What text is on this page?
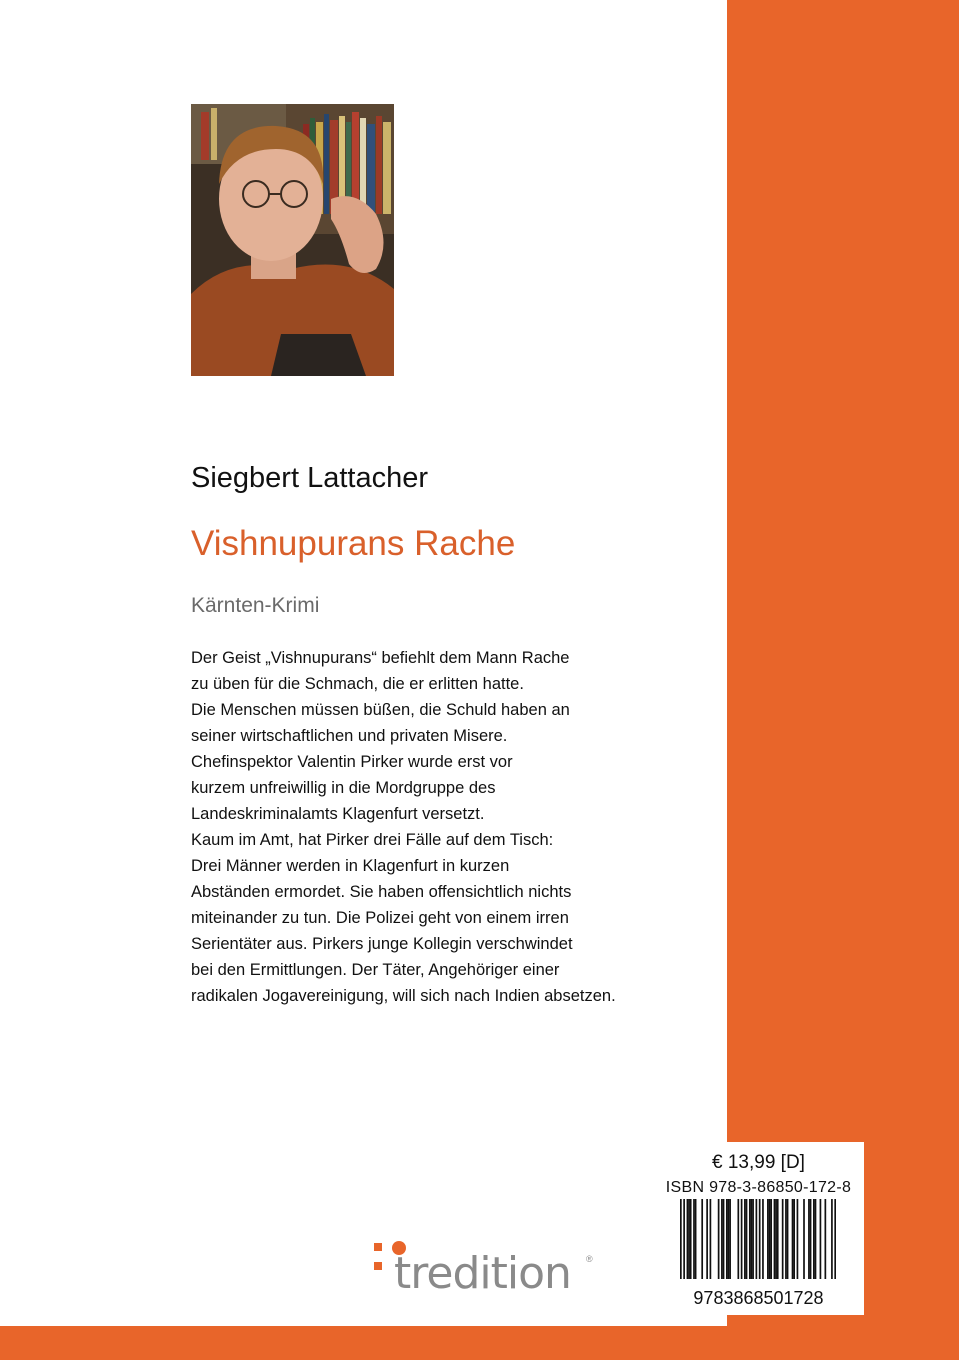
Siegbert Lattacher
Vishnupurans Rache
Kärnten-Krimi
Der Geist „Vishnupurans“ befiehlt dem Mann Rache
zu üben für die Schmach, die er erlitten hatte.
Die Menschen müssen büßen, die Schuld haben an
seiner wirtschaftlichen und privaten Misere.
Chefinspektor Valentin Pirker wurde erst vor
kurzem unfreiwillig in die Mordgruppe des
Landeskriminalamts Klagenfurt versetzt.
Kaum im Amt, hat Pirker drei Fälle auf dem Tisch:
Drei Männer werden in Klagenfurt in kurzen
Abständen ermordet. Sie haben offensichtlich nichts
miteinander zu tun. Die Polizei geht von einem irren
Serientäter aus. Pirkers junge Kollegin verschwindet
bei den Ermittlungen. Der Täter, Angehöriger einer
radikalen Jogavereinigung, will sich nach Indien absetzen.
tredition ®
€ 13,99 [D]
ISBN 978-3-86850-172-8
9783868501728
